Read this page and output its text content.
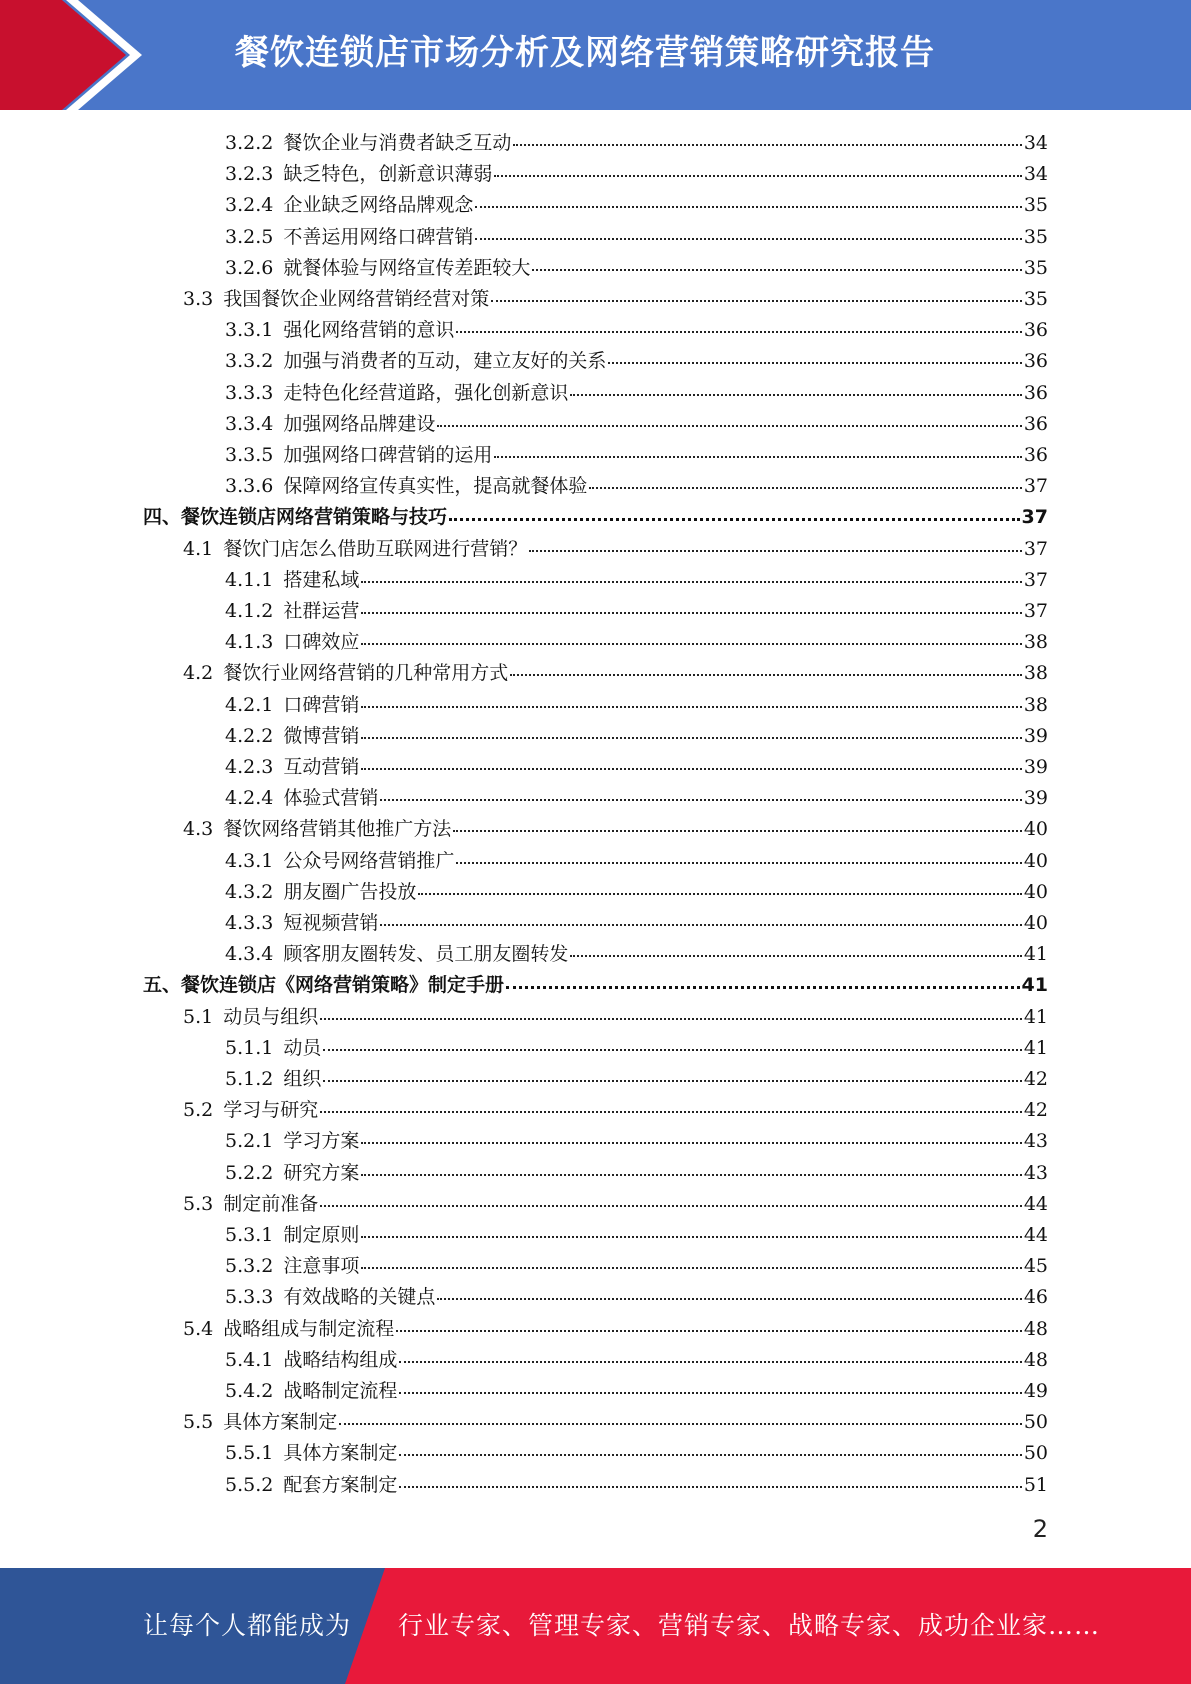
餐饮连锁店市场分析及网络营销策略研究报告
3.2.2 餐饮企业与消费者缺乏互动	34
3.2.3 缺乏特色，创新意识薄弱	34
3.2.4 企业缺乏网络品牌观念	35
3.2.5 不善运用网络口碑营销	35
3.2.6 就餐体验与网络宣传差距较大	35
3.3 我国餐饮企业网络营销经营对策	35
3.3.1 强化网络营销的意识	36
3.3.2 加强与消费者的互动，建立友好的关系	36
3.3.3 走特色化经营道路，强化创新意识	36
3.3.4 加强网络品牌建设	36
3.3.5 加强网络口碑营销的运用	36
3.3.6 保障网络宣传真实性，提高就餐体验	37
四、餐饮连锁店网络营销策略与技巧	37
4.1 餐饮门店怎么借助互联网进行营销？	37
4.1.1 搭建私域	37
4.1.2 社群运营	37
4.1.3 口碑效应	38
4.2 餐饮行业网络营销的几种常用方式	38
4.2.1 口碑营销	38
4.2.2 微博营销	39
4.2.3 互动营销	39
4.2.4 体验式营销	39
4.3 餐饮网络营销其他推广方法	40
4.3.1 公众号网络营销推广	40
4.3.2 朋友圈广告投放	40
4.3.3 短视频营销	40
4.3.4 顾客朋友圈转发、员工朋友圈转发	41
五、餐饮连锁店《网络营销策略》制定手册	41
5.1 动员与组织	41
5.1.1 动员	41
5.1.2 组织	42
5.2 学习与研究	42
5.2.1 学习方案	43
5.2.2 研究方案	43
5.3 制定前准备	44
5.3.1 制定原则	44
5.3.2 注意事项	45
5.3.3 有效战略的关键点	46
5.4 战略组成与制定流程	48
5.4.1 战略结构组成	48
5.4.2 战略制定流程	49
5.5 具体方案制定	50
5.5.1 具体方案制定	50
5.5.2 配套方案制定	51
2
让每个人都能成为 行业专家、管理专家、营销专家、战略专家、成功企业家……
